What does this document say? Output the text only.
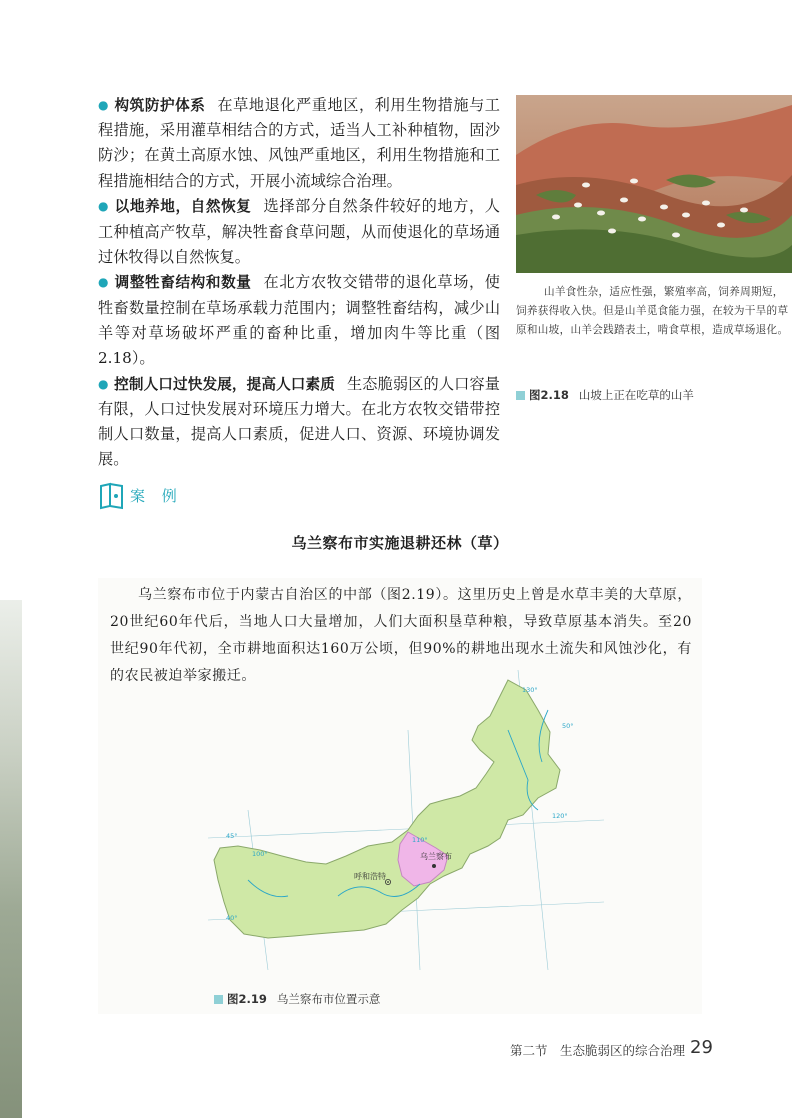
● 构筑防护体系 在草地退化严重地区，利用生物措施与工程措施，采用灌草相结合的方式，适当人工补种植物，固沙防沙；在黄土高原水蚀、风蚀严重地区，利用生物措施和工程措施相结合的方式，开展小流域综合治理。

● 以地养地，自然恢复 选择部分自然条件较好的地方，人工种植高产牧草，解决牲畜食草问题，从而使退化的草场通过休牧得以自然恢复。

● 调整牲畜结构和数量 在北方农牧交错带的退化草场，使牲畜数量控制在草场承载力范围内；调整牲畜结构，减少山羊等对草场破坏严重的畜种比重，增加肉牛等比重（图2.18）。

● 控制人口过快发展，提高人口素质 生态脆弱区的人口容量有限，人口过快发展对环境压力增大。在北方农牧交错带控制人口数量，提高人口素质，促进人口、资源、环境协调发展。

山羊食性杂，适应性强，繁殖率高，饲养周期短，饲养获得收入快。但是山羊觅食能力强，在较为干旱的草原和山坡，山羊会践踏表土，啃食草根，造成草场退化。

图2.18 山坡上正在吃草的山羊
案 例
乌兰察布市实施退耕还林（草）

乌兰察布市位于内蒙古自治区的中部（图2.19）。这里历史上曾是水草丰美的大草原，20世纪60年代后，当地人口大量增加，人们大面积垦草种粮，导致草原基本消失。至20世纪90年代初，全市耕地面积达160万公顷，但90%的耕地出现水土流失和风蚀沙化，有的农民被迫举家搬迁。

呼和浩特
乌兰察布
130°
120°
110°
100°
50°
45°
40°
图2.19 乌兰察布市位置示意
第二节　生态脆弱区的综合治理 29
